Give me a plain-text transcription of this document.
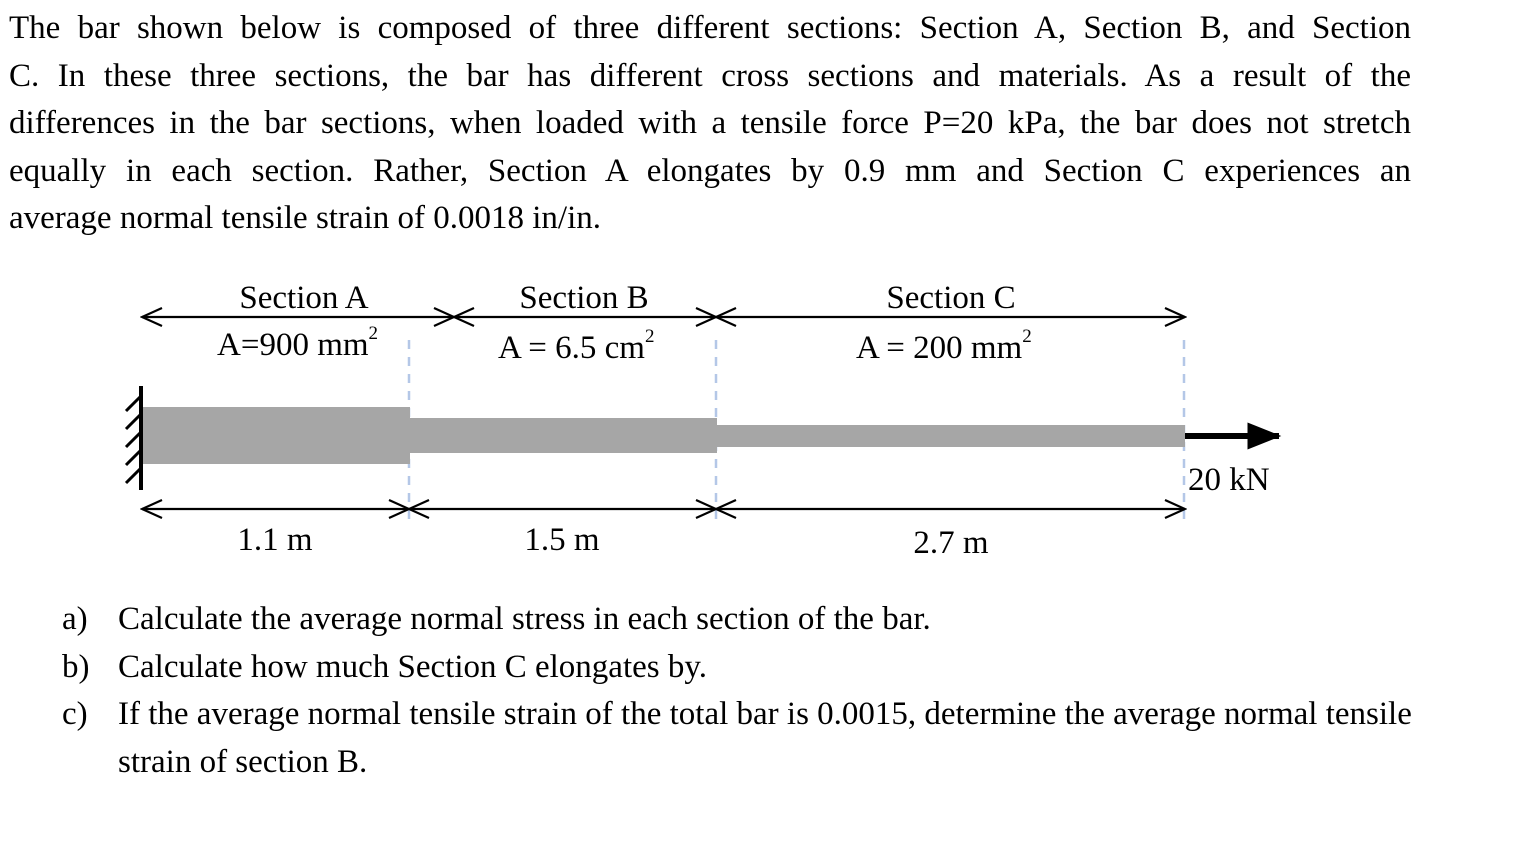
The bar shown below is composed of three different sections: Section A, Section B, and Section
C. In these three sections, the bar has different cross sections and materials. As a result of the
differences in the bar sections, when loaded with a tensile force P=20 kPa, the bar does not stretch
equally in each section. Rather, Section A elongates by 0.9 mm and Section C experiences an
average normal tensile strain of 0.0018 in/in.
20 kN
Section A	Section B	Section C
A=900 $mm^2$	A = 6.5 $cm^2$	A = 200 $mm^2$
1.1 m	1.5 m	2.7 m
a) Calculate the average normal stress in each section of the bar.
b) Calculate how much Section C elongates by.
c) If the average normal tensile strain of the total bar is 0.0015, determine the average normal tensile strain of section B.
